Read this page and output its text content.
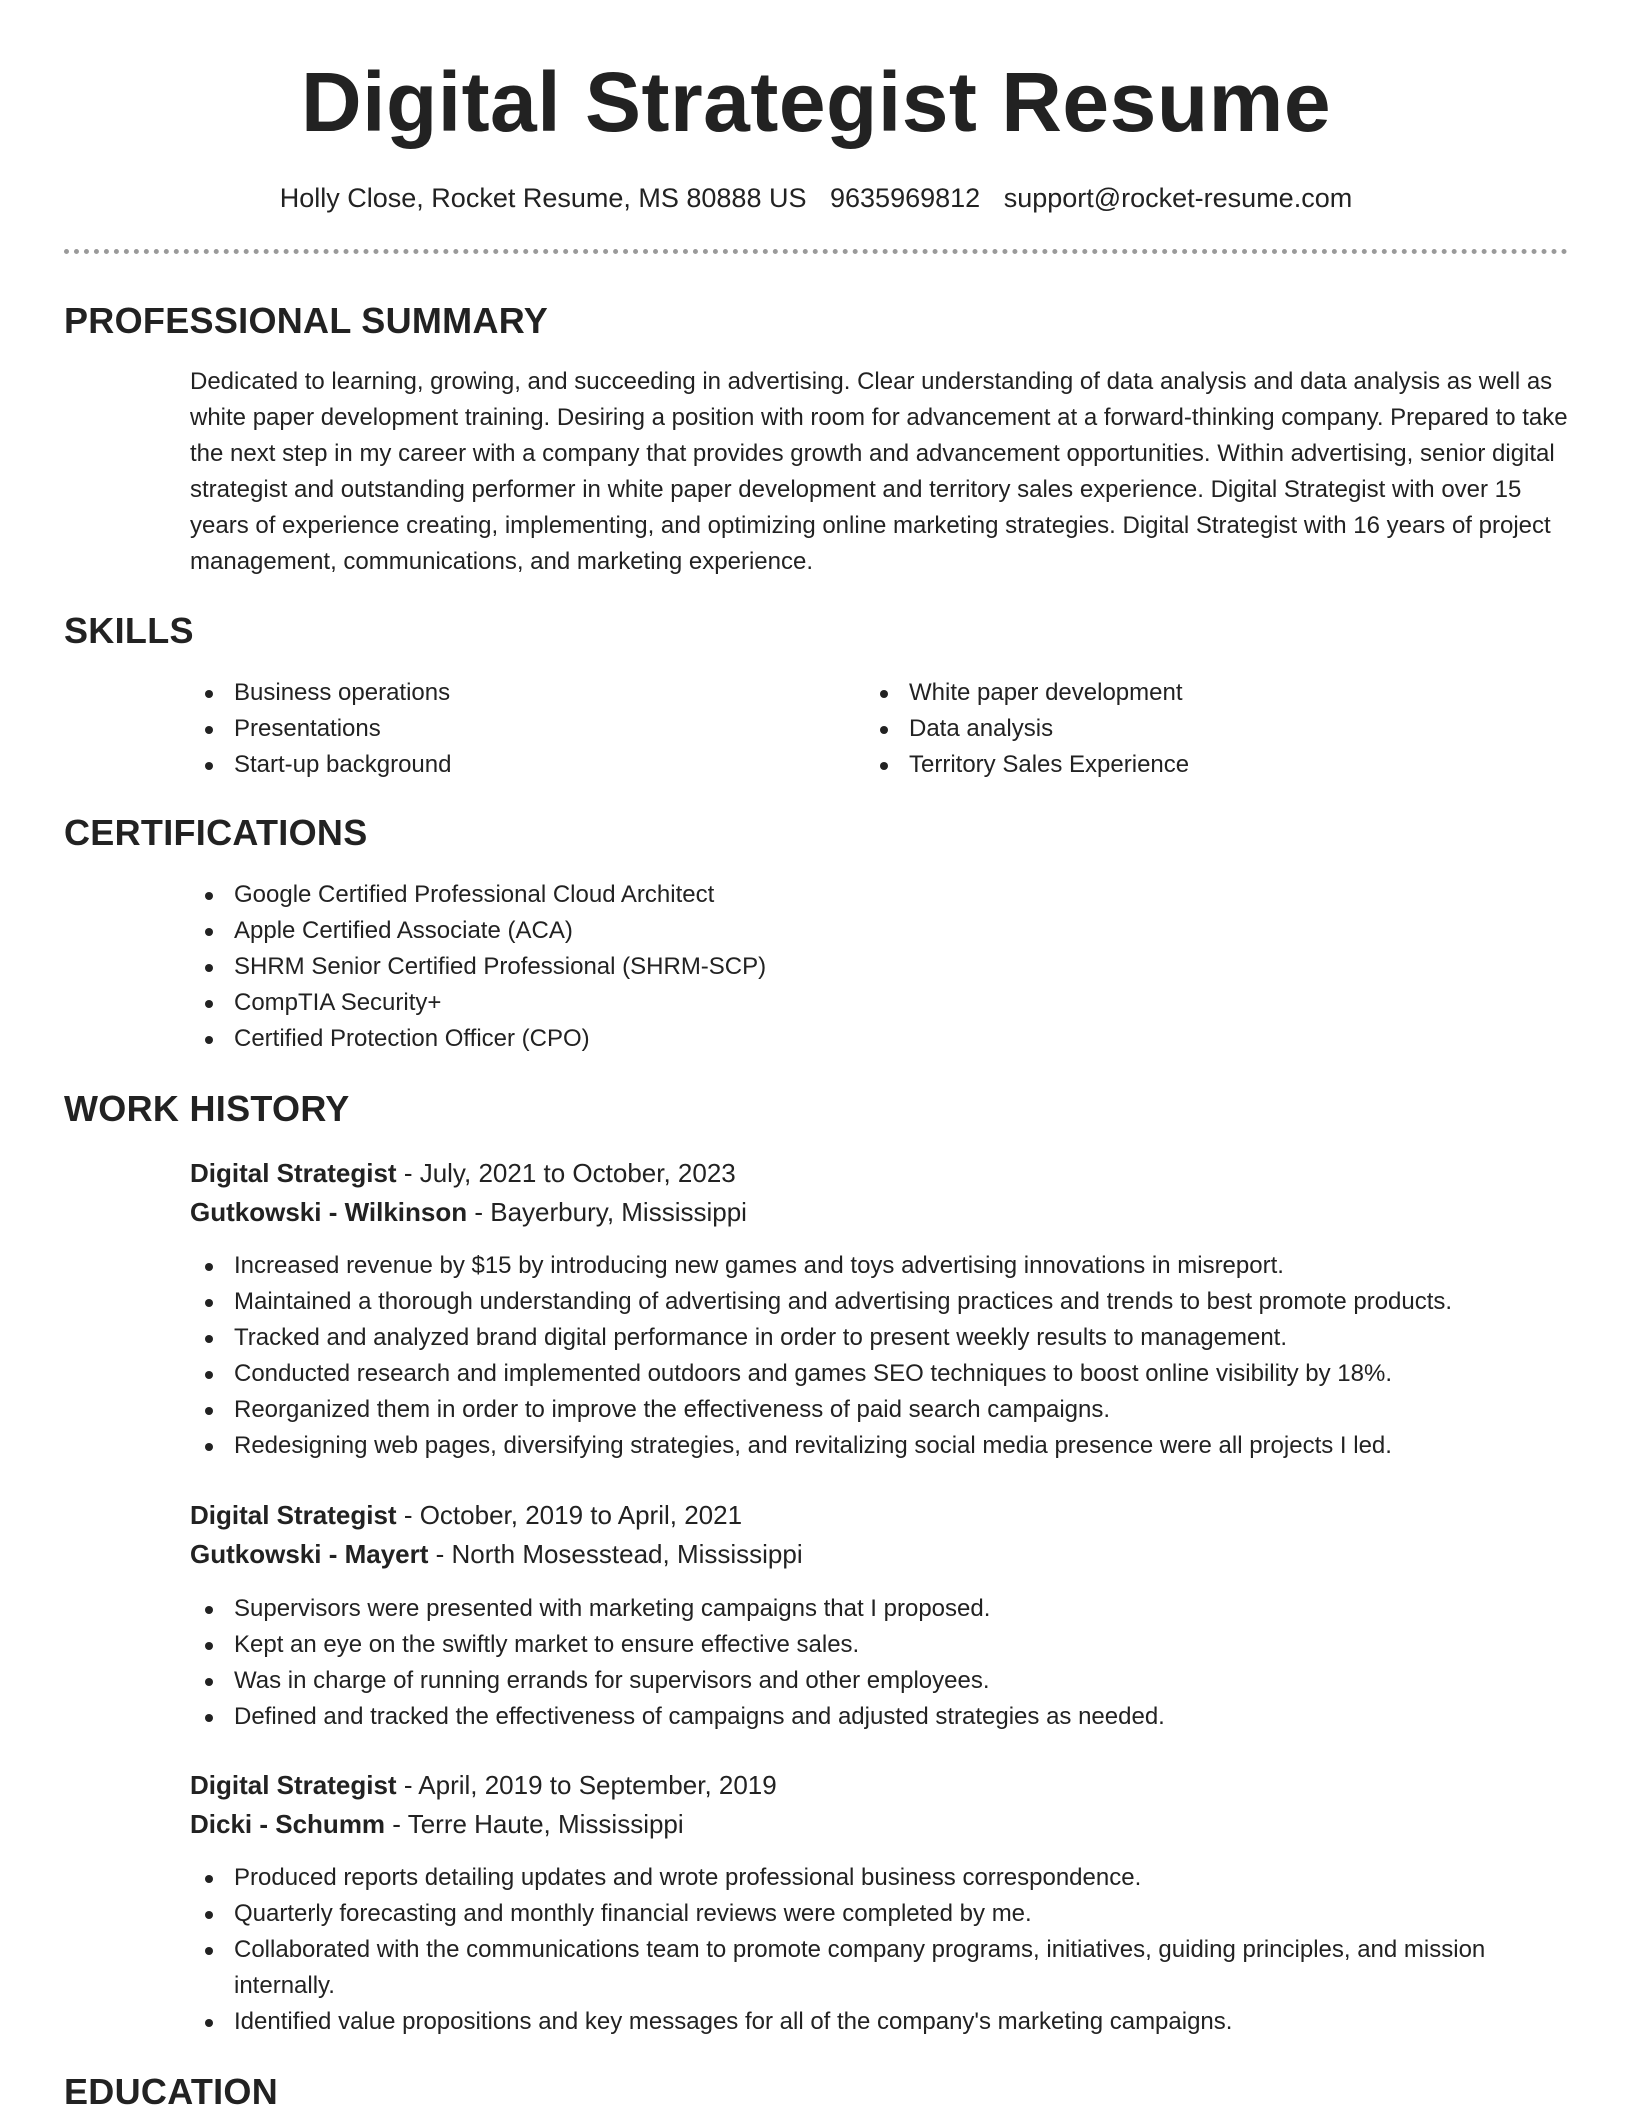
Digital Strategist Resume
Holly Close, Rocket Resume, MS 80888 US 9635969812 support@rocket-resume.com
PROFESSIONAL SUMMARY

Dedicated to learning, growing, and succeeding in advertising. Clear understanding of data analysis and data analysis as well as white paper development training. Desiring a position with room for advancement at a forward-thinking company. Prepared to take the next step in my career with a company that provides growth and advancement opportunities. Within advertising, senior digital strategist and outstanding performer in white paper development and territory sales experience. Digital Strategist with over 15 years of experience creating, implementing, and optimizing online marketing strategies. Digital Strategist with 16 years of project management, communications, and marketing experience.

SKILLS
Business operations
Presentations
Start-up background
White paper development
Data analysis
Territory Sales Experience
CERTIFICATIONS
Google Certified Professional Cloud Architect
Apple Certified Associate (ACA)
SHRM Senior Certified Professional (SHRM-SCP)
CompTIA Security+
Certified Protection Officer (CPO)
WORK HISTORY
Digital Strategist - July, 2021 to October, 2023
Gutkowski - Wilkinson - Bayerbury, Mississippi
Increased revenue by $15 by introducing new games and toys advertising innovations in misreport.
Maintained a thorough understanding of advertising and advertising practices and trends to best promote products.
Tracked and analyzed brand digital performance in order to present weekly results to management.
Conducted research and implemented outdoors and games SEO techniques to boost online visibility by 18%.
Reorganized them in order to improve the effectiveness of paid search campaigns.
Redesigning web pages, diversifying strategies, and revitalizing social media presence were all projects I led.
Digital Strategist - October, 2019 to April, 2021
Gutkowski - Mayert - North Mosesstead, Mississippi
Supervisors were presented with marketing campaigns that I proposed.
Kept an eye on the swiftly market to ensure effective sales.
Was in charge of running errands for supervisors and other employees.
Defined and tracked the effectiveness of campaigns and adjusted strategies as needed.
Digital Strategist - April, 2019 to September, 2019
Dicki - Schumm - Terre Haute, Mississippi
Produced reports detailing updates and wrote professional business correspondence.
Quarterly forecasting and monthly financial reviews were completed by me.
Collaborated with the communications team to promote company programs, initiatives, guiding principles, and mission internally.
Identified value propositions and key messages for all of the company's marketing campaigns.
EDUCATION
